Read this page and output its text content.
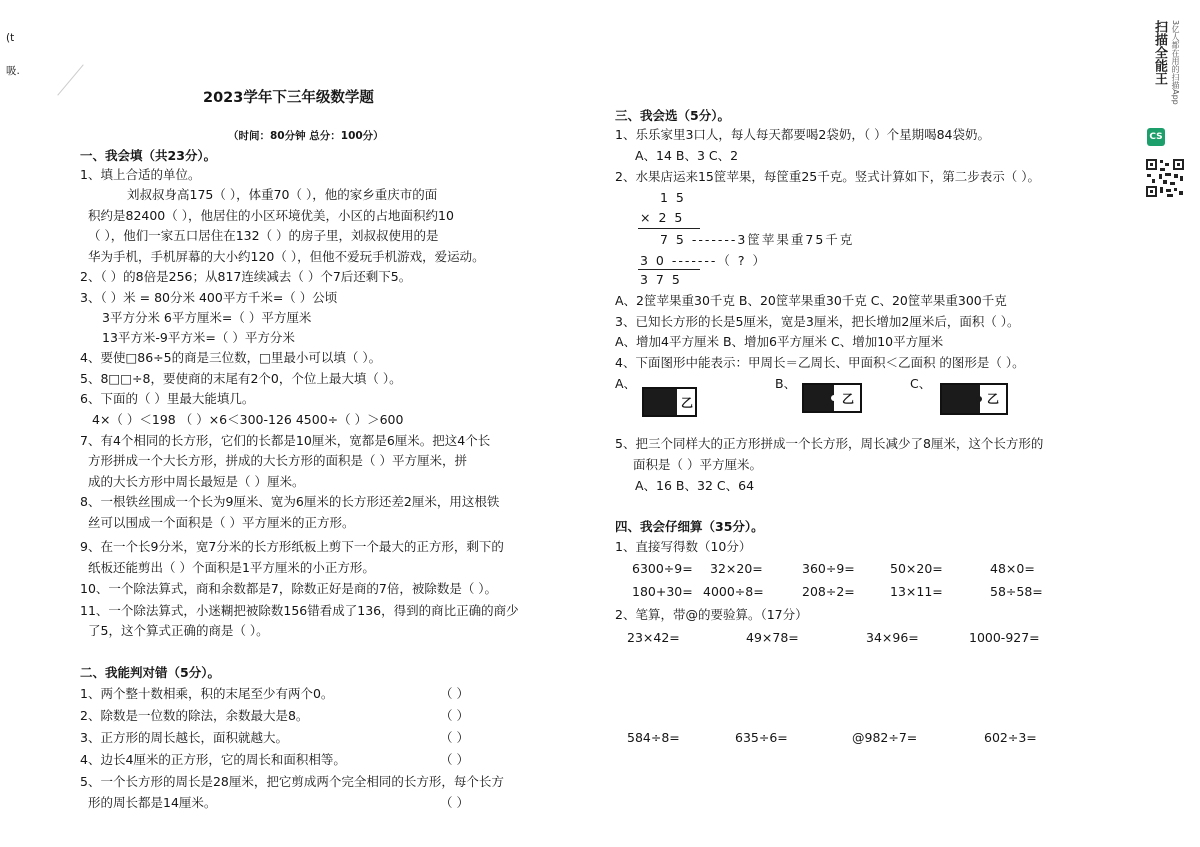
(t
吸.
2023学年下三年级数学题
（时间：80分钟 总分：100分）
一、我会填（共23分）。
1、填上合适的单位。
刘叔叔身高175（ ），体重70（ ），他的家乡重庆市的面
积约是82400（ ），他居住的小区环境优美，小区的占地面积约10
（ ），他们一家五口居住在132（ ）的房子里，刘叔叔使用的是
华为手机，手机屏幕的大小约120（ ），但他不爱玩手机游戏，爱运动。
2、（ ）的8倍是256；从817连续减去（ ）个7后还剩下5。
3、（ ）米 = 80分米 400平方千米=（ ）公顷
3平方分米 6平方厘米=（ ）平方厘米
13平方米-9平方米=（ ）平方分米
4、要使□86÷5的商是三位数，□里最小可以填（ ）。
5、8□□÷8，要使商的末尾有2个0，个位上最大填（ ）。
6、下面的（ ）里最大能填几。
4×（ ）＜198 （ ）×6＜300-126 4500÷（ ）＞600
7、有4个相同的长方形，它们的长都是10厘米，宽都是6厘米。把这4个长
方形拼成一个大长方形，拼成的大长方形的面积是（ ）平方厘米，拼
成的大长方形中周长最短是（ ）厘米。
8、一根铁丝围成一个长为9厘米、宽为6厘米的长方形还差2厘米，用这根铁
丝可以围成一个面积是（ ）平方厘米的正方形。
9、在一个长9分米，宽7分米的长方形纸板上剪下一个最大的正方形，剩下的
纸板还能剪出（ ）个面积是1平方厘米的小正方形。
10、一个除法算式，商和余数都是7，除数正好是商的7倍，被除数是（ ）。
11、一个除法算式，小迷糊把被除数156错看成了136，得到的商比正确的商少
了5，这个算式正确的商是（ ）。
二、我能判对错（5分）。
1、两个整十数相乘，积的末尾至少有两个0。	（ ）
2、除数是一位数的除法，余数最大是8。	（ ）
3、正方形的周长越长，面积就越大。	（ ）
4、边长4厘米的正方形，它的周长和面积相等。	（ ）
5、一个长方形的周长是28厘米，把它剪成两个完全相同的长方形，每个长方
形的周长都是14厘米。	（ ）
三、我会选（5分）。
1、乐乐家里3口人，每人每天都要喝2袋奶，（ ）个星期喝84袋奶。
A、14 B、3 C、2
2、水果店运来15筐苹果，每筐重25千克。竖式计算如下，第二步表示（ ）。
1 5
× 2 5
7 5 -------3筐苹果重75千克
3 0 -------（ ? ）
3 7 5
A、2筐苹果重30千克 B、20筐苹果重30千克 C、20筐苹果重300千克
3、已知长方形的长是5厘米，宽是3厘米，把长增加2厘米后，面积（ ）。
A、增加4平方厘米 B、增加6平方厘米 C、增加10平方厘米
4、下面图形中能表示：甲周长＝乙周长、甲面积＜乙面积 的图形是（ ）。
A、
乙
B、
乙
C、
乙
5、把三个同样大的正方形拼成一个长方形，周长减少了8厘米，这个长方形的
面积是（ ）平方厘米。
A、16 B、32 C、64
四、我会仔细算（35分）。
1、直接写得数（10分）
6300÷9= 32×20=	360÷9=	50×20=	48×0=
180+30= 4000÷8=	208÷2=	13×11=	58÷58=
2、笔算，带@的要验算。（17分）
23×42=	49×78=	34×96=	1000-927=
584÷8=	635÷6=	@982÷7=	602÷3=
扫描全能王 3亿人都在用的扫描App
CS
